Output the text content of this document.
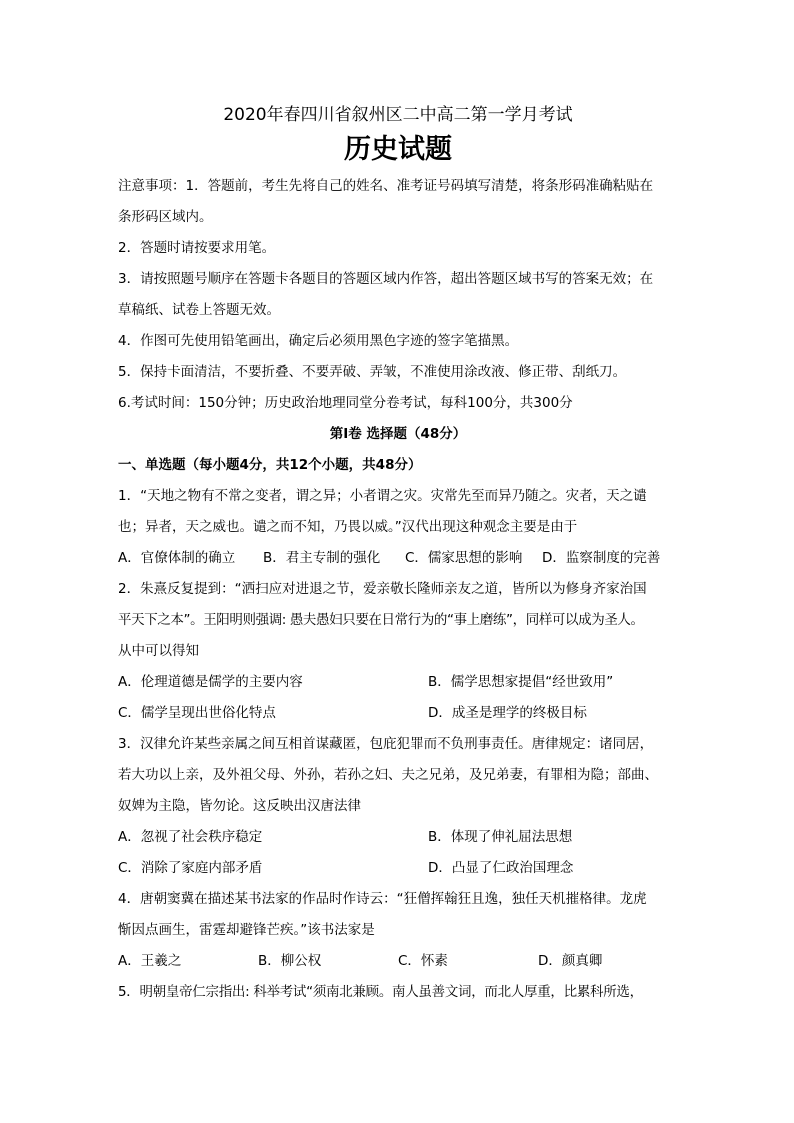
2020年春四川省叙州区二中高二第一学月考试

历史试题

注意事项：1．答题前，考生先将自己的姓名、准考证号码填写清楚，将条形码准确粘贴在

条形码区域内。

2．答题时请按要求用笔。

3．请按照题号顺序在答题卡各题目的答题区域内作答，超出答题区域书写的答案无效；在

草稿纸、试卷上答题无效。

4．作图可先使用铅笔画出，确定后必须用黑色字迹的签字笔描黑。

5．保持卡面清洁，不要折叠、不要弄破、弄皱，不准使用涂改液、修正带、刮纸刀。

6.考试时间：150分钟；历史政治地理同堂分卷考试，每科100分，共300分

第Ⅰ卷 选择题（48分）

一、单选题（每小题4分，共12个小题，共48分）

1．“天地之物有不常之变者，谓之异；小者谓之灾。灾常先至而异乃随之。灾者，天之谴

也；异者，天之威也。谴之而不知，乃畏以威。”汉代出现这种观念主要是由于

A．官僚体制的确立	B．君主专制的强化	C．儒家思想的影响	D．监察制度的完善

2．朱熹反复提到：“洒扫应对进退之节，爱亲敬长隆师亲友之道，皆所以为修身齐家治国

平天下之本”。王阳明则强调: 愚夫愚妇只要在日常行为的“事上磨练”，同样可以成为圣人。

从中可以得知

A．伦理道德是儒学的主要内容	B．儒学思想家提倡“经世致用”
C．儒学呈现出世俗化特点	D．成圣是理学的终极目标

3．汉律允许某些亲属之间互相首谋藏匿，包庇犯罪而不负刑事责任。唐律规定：诸同居，

若大功以上亲，及外祖父母、外孙，若孙之妇、夫之兄弟，及兄弟妻，有罪相为隐；部曲、

奴婢为主隐，皆勿论。这反映出汉唐法律

A．忽视了社会秩序稳定	B．体现了伸礼屈法思想
C．消除了家庭内部矛盾	D．凸显了仁政治国理念

4．唐朝窦冀在描述某书法家的作品时作诗云：“狂僧挥翰狂且逸，独任天机摧格律。龙虎

惭因点画生，雷霆却避锋芒疾。”该书法家是

A．王羲之	B．柳公权	C．怀素	D．颜真卿

5．明朝皇帝仁宗指出: 科举考试“须南北兼顾。南人虽善文词，而北人厚重，比累科所选，
